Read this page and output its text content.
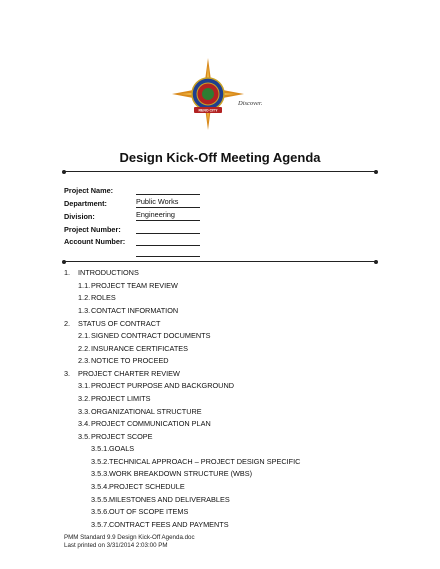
RENO CITY
Discover.
Design Kick-Off Meeting Agenda
Project Name:
Department:	Public Works
Division:	Engineering
Project Number:
Account Number:
1. INTRODUCTIONS
1.1.PROJECT TEAM REVIEW
1.2.ROLES
1.3.CONTACT INFORMATION
2. STATUS OF CONTRACT
2.1.SIGNED CONTRACT DOCUMENTS
2.2.INSURANCE CERTIFICATES
2.3.NOTICE TO PROCEED
3. PROJECT CHARTER REVIEW
3.1.PROJECT PURPOSE AND BACKGROUND
3.2.PROJECT LIMITS
3.3.ORGANIZATIONAL STRUCTURE
3.4.PROJECT COMMUNICATION PLAN
3.5.PROJECT SCOPE
3.5.1.GOALS
3.5.2.TECHNICAL APPROACH – PROJECT DESIGN SPECIFIC
3.5.3.WORK BREAKDOWN STRUCTURE (WBS)
3.5.4.PROJECT SCHEDULE
3.5.5.MILESTONES AND DELIVERABLES
3.5.6.OUT OF SCOPE ITEMS
3.5.7.CONTRACT FEES AND PAYMENTS
PMM Standard 9.9 Design Kick-Off Agenda.doc
Last printed on 3/31/2014 2:03:00 PM
